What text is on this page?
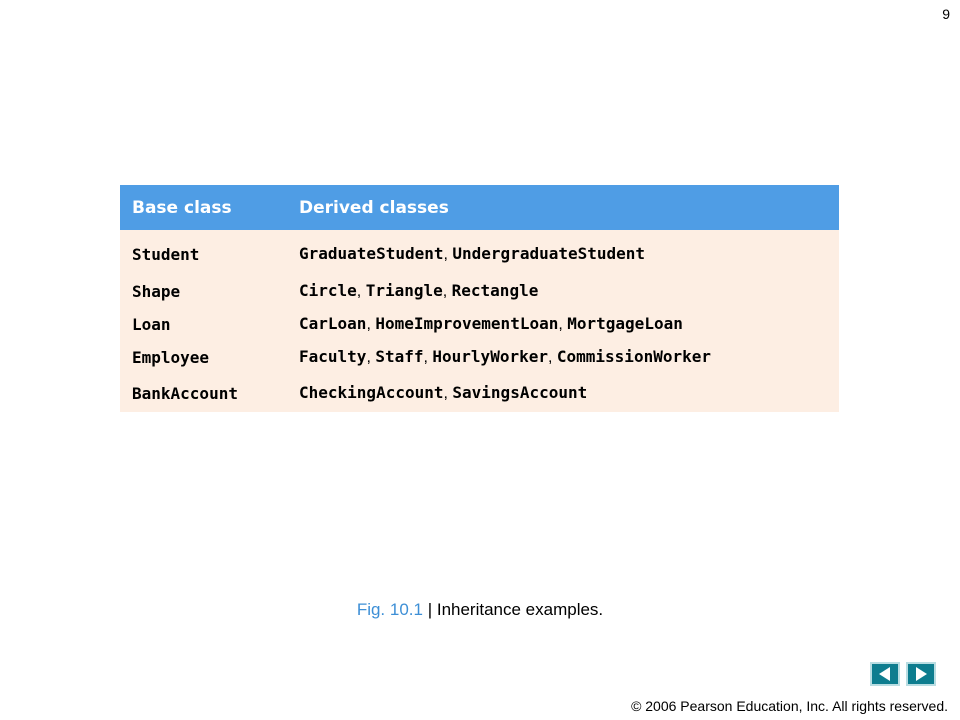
9
Base class	Derived classes
Student	GraduateStudent, UndergraduateStudent
Shape	Circle, Triangle, Rectangle
Loan	CarLoan, HomeImprovementLoan, MortgageLoan
Employee	Faculty, Staff, HourlyWorker, CommissionWorker
BankAccount	CheckingAccount, SavingsAccount
Fig. 10.1 | Inheritance examples.
© 2006 Pearson Education, Inc. All rights reserved.
